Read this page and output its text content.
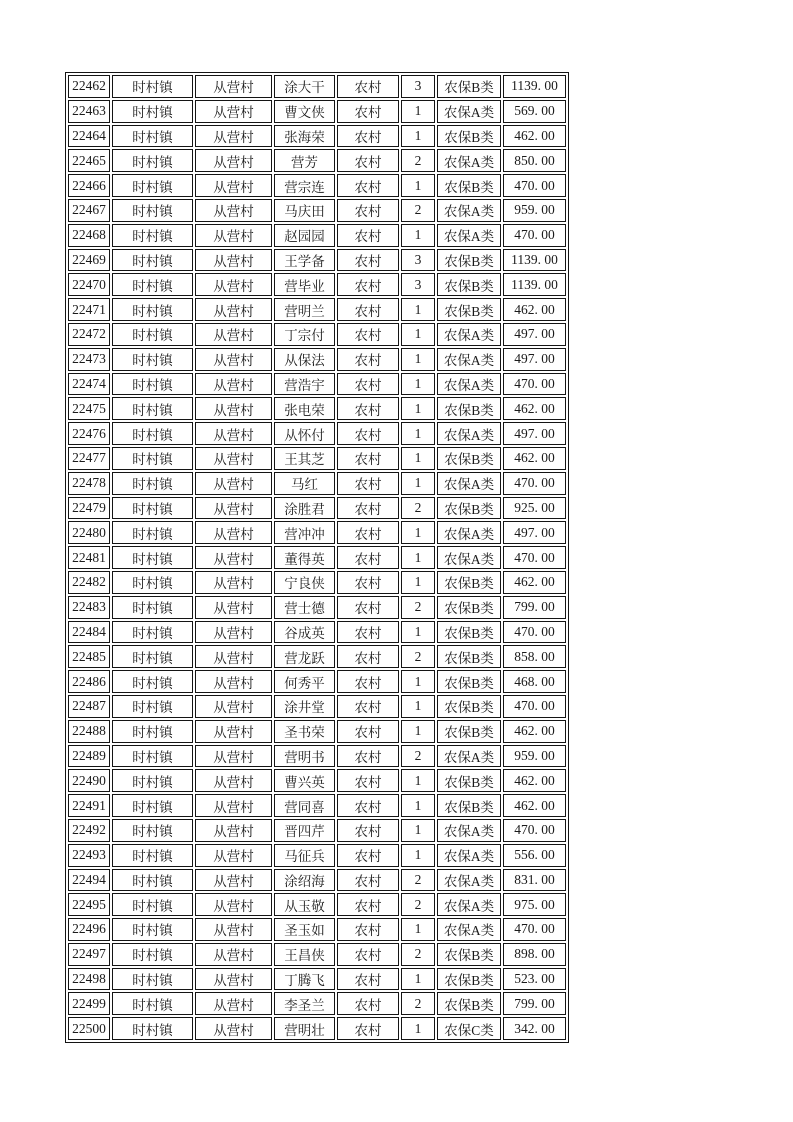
22462	时村镇	从营村	涂大干	农村	3	农保B类	1139. 00
22463	时村镇	从营村	曹文侠	农村	1	农保A类	569. 00
22464	时村镇	从营村	张海荣	农村	1	农保B类	462. 00
22465	时村镇	从营村	营芳	农村	2	农保A类	850. 00
22466	时村镇	从营村	营宗连	农村	1	农保B类	470. 00
22467	时村镇	从营村	马庆田	农村	2	农保A类	959. 00
22468	时村镇	从营村	赵园园	农村	1	农保A类	470. 00
22469	时村镇	从营村	王学备	农村	3	农保B类	1139. 00
22470	时村镇	从营村	营毕业	农村	3	农保B类	1139. 00
22471	时村镇	从营村	营明兰	农村	1	农保B类	462. 00
22472	时村镇	从营村	丁宗付	农村	1	农保A类	497. 00
22473	时村镇	从营村	从保法	农村	1	农保A类	497. 00
22474	时村镇	从营村	营浩宇	农村	1	农保A类	470. 00
22475	时村镇	从营村	张电荣	农村	1	农保B类	462. 00
22476	时村镇	从营村	从怀付	农村	1	农保A类	497. 00
22477	时村镇	从营村	王其芝	农村	1	农保B类	462. 00
22478	时村镇	从营村	马红	农村	1	农保A类	470. 00
22479	时村镇	从营村	涂胜君	农村	2	农保B类	925. 00
22480	时村镇	从营村	营冲冲	农村	1	农保A类	497. 00
22481	时村镇	从营村	董得英	农村	1	农保A类	470. 00
22482	时村镇	从营村	宁良侠	农村	1	农保B类	462. 00
22483	时村镇	从营村	营士德	农村	2	农保B类	799. 00
22484	时村镇	从营村	谷成英	农村	1	农保B类	470. 00
22485	时村镇	从营村	营龙跃	农村	2	农保B类	858. 00
22486	时村镇	从营村	何秀平	农村	1	农保B类	468. 00
22487	时村镇	从营村	涂井堂	农村	1	农保B类	470. 00
22488	时村镇	从营村	圣书荣	农村	1	农保B类	462. 00
22489	时村镇	从营村	营明书	农村	2	农保A类	959. 00
22490	时村镇	从营村	曹兴英	农村	1	农保B类	462. 00
22491	时村镇	从营村	营同喜	农村	1	农保B类	462. 00
22492	时村镇	从营村	晋四芹	农村	1	农保A类	470. 00
22493	时村镇	从营村	马征兵	农村	1	农保A类	556. 00
22494	时村镇	从营村	涂绍海	农村	2	农保A类	831. 00
22495	时村镇	从营村	从玉敬	农村	2	农保A类	975. 00
22496	时村镇	从营村	圣玉如	农村	1	农保A类	470. 00
22497	时村镇	从营村	王昌侠	农村	2	农保B类	898. 00
22498	时村镇	从营村	丁腾飞	农村	1	农保B类	523. 00
22499	时村镇	从营村	李圣兰	农村	2	农保B类	799. 00
22500	时村镇	从营村	营明壮	农村	1	农保C类	342. 00
